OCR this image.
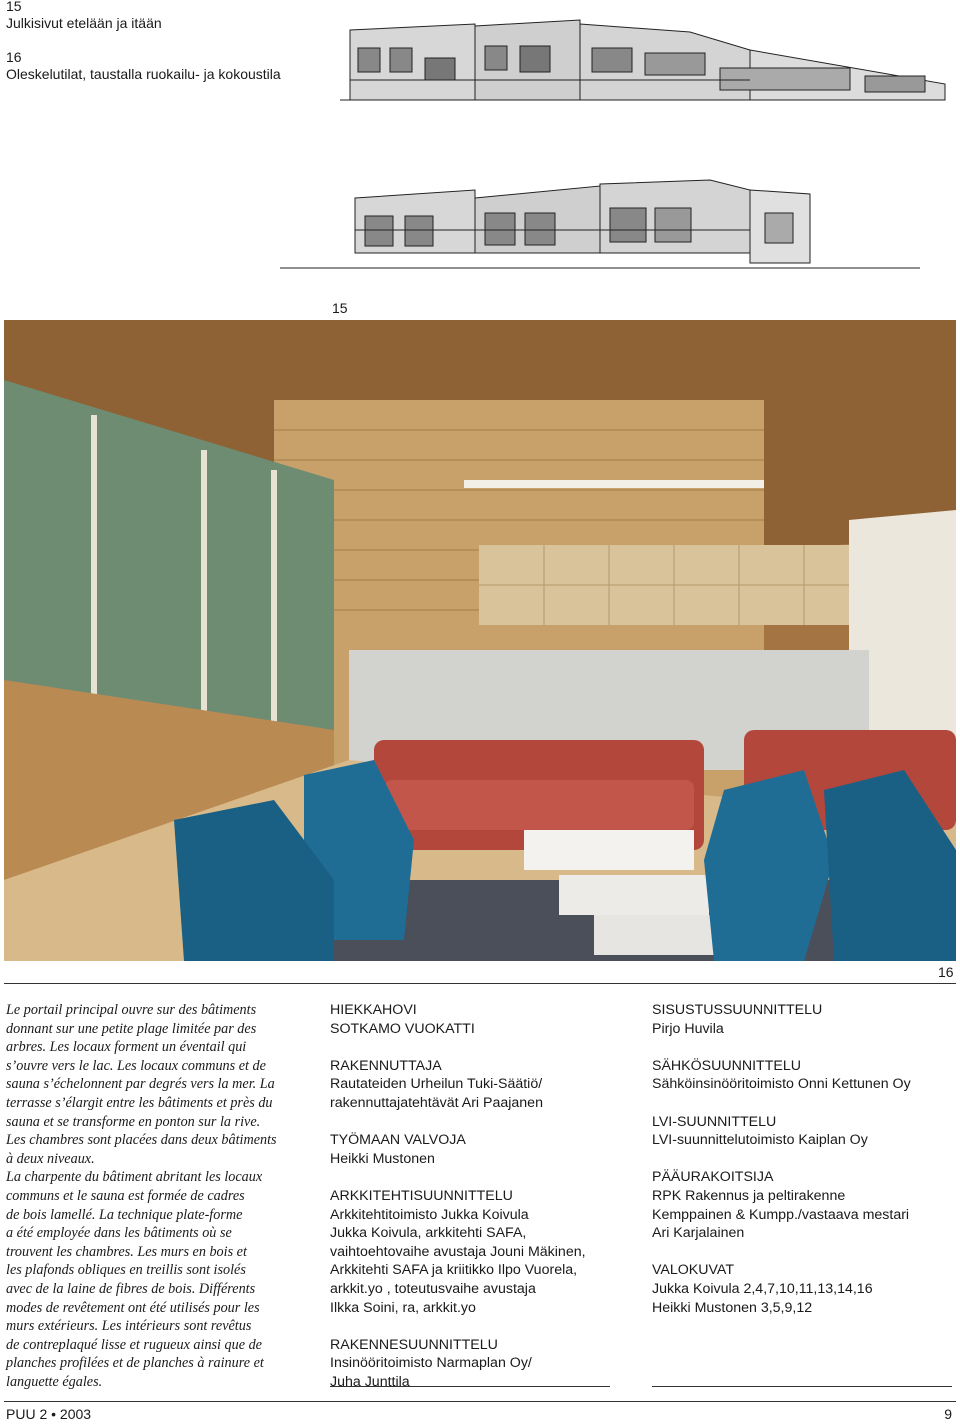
15
Julkisivut etelään ja itään
16
Oleskelutilat, taustalla ruokailu- ja kokoustila
15
16
Le portail principal ouvre sur des bâtiments
donnant sur une petite plage limitée par des
arbres. Les locaux forment un éventail qui
s’ouvre vers le lac. Les locaux communs et de
sauna s’échelonnent par degrés vers la mer. La
terrasse s’élargit entre les bâtiments et près du
sauna et se transforme en ponton sur la rive.
Les chambres sont placées dans deux bâtiments
à deux niveaux.
La charpente du bâtiment abritant les locaux
communs et le sauna est formée de cadres
de bois lamellé. La technique plate-forme
a été employée dans les bâtiments où se
trouvent les chambres. Les murs en bois et
les plafonds obliques en treillis sont isolés
avec de la laine de fibres de bois. Différents
modes de revêtement ont été utilisés pour les
murs extérieurs. Les intérieurs sont revêtus
de contreplaqué lisse et rugueux ainsi que de
planches profilées et de planches à rainure et
languette égales.
HIEKKAHOVI
SOTKAMO VUOKATTI
RAKENNUTTAJA
Rautateiden Urheilun Tuki-Säätiö/
rakennuttajatehtävät Ari Paajanen
TYÖMAAN VALVOJA
Heikki Mustonen
ARKKITEHTISUUNNITTELU
Arkkitehtitoimisto Jukka Koivula
Jukka Koivula, arkkitehti SAFA,
vaihtoehtovaihe avustaja Jouni Mäkinen,
Arkkitehti SAFA ja kriitikko Ilpo Vuorela,
arkkit.yo , toteutusvaihe avustaja
Ilkka Soini, ra, arkkit.yo
RAKENNESUUNNITTELU
Insinööritoimisto Narmaplan Oy/
Juha Junttila
SISUSTUSSUUNNITTELU
Pirjo Huvila
SÄHKÖSUUNNITTELU
Sähköinsinööritoimisto Onni Kettunen Oy
LVI-SUUNNITTELU
LVI-suunnittelutoimisto Kaiplan Oy
PÄÄURAKOITSIJA
RPK Rakennus ja peltirakenne
Kemppainen & Kumpp./vastaava mestari
Ari Karjalainen
VALOKUVAT
Jukka Koivula 2,4,7,10,11,13,14,16
Heikki Mustonen 3,5,9,12
PUU 2 • 2003	9
